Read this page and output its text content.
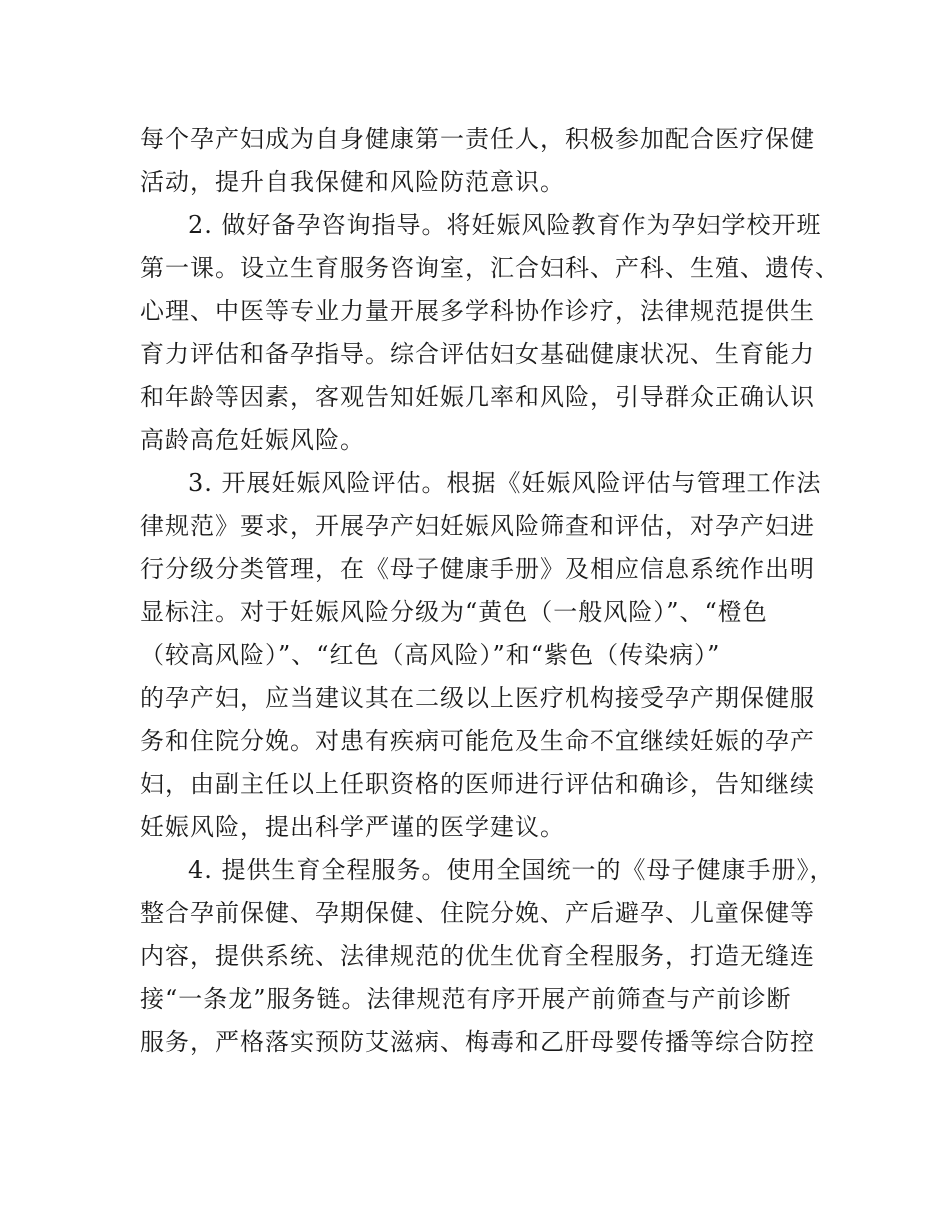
每个孕产妇成为自身健康第一责任人，积极参加配合医疗保健
活动，提升自我保健和风险防范意识。
2. 做好备孕咨询指导。将妊娠风险教育作为孕妇学校开班
第一课。设立生育服务咨询室，汇合妇科、产科、生殖、遗传、
心理、中医等专业力量开展多学科协作诊疗，法律规范提供生
育力评估和备孕指导。综合评估妇女基础健康状况、生育能力
和年龄等因素，客观告知妊娠几率和风险，引导群众正确认识
高龄高危妊娠风险。
3. 开展妊娠风险评估。根据《妊娠风险评估与管理工作法
律规范》要求，开展孕产妇妊娠风险筛查和评估，对孕产妇进
行分级分类管理，在《母子健康手册》及相应信息系统作出明
显标注。对于妊娠风险分级为“黄色（一般风险）”、“橙色
（较高风险）”、“红色（高风险）”和“紫色（传染病）”
的孕产妇，应当建议其在二级以上医疗机构接受孕产期保健服
务和住院分娩。对患有疾病可能危及生命不宜继续妊娠的孕产
妇，由副主任以上任职资格的医师进行评估和确诊，告知继续
妊娠风险，提出科学严谨的医学建议。
4. 提供生育全程服务。使用全国统一的《母子健康手册》，
整合孕前保健、孕期保健、住院分娩、产后避孕、儿童保健等
内容，提供系统、法律规范的优生优育全程服务，打造无缝连
接“一条龙”服务链。法律规范有序开展产前筛查与产前诊断
服务，严格落实预防艾滋病、梅毒和乙肝母婴传播等综合防控
